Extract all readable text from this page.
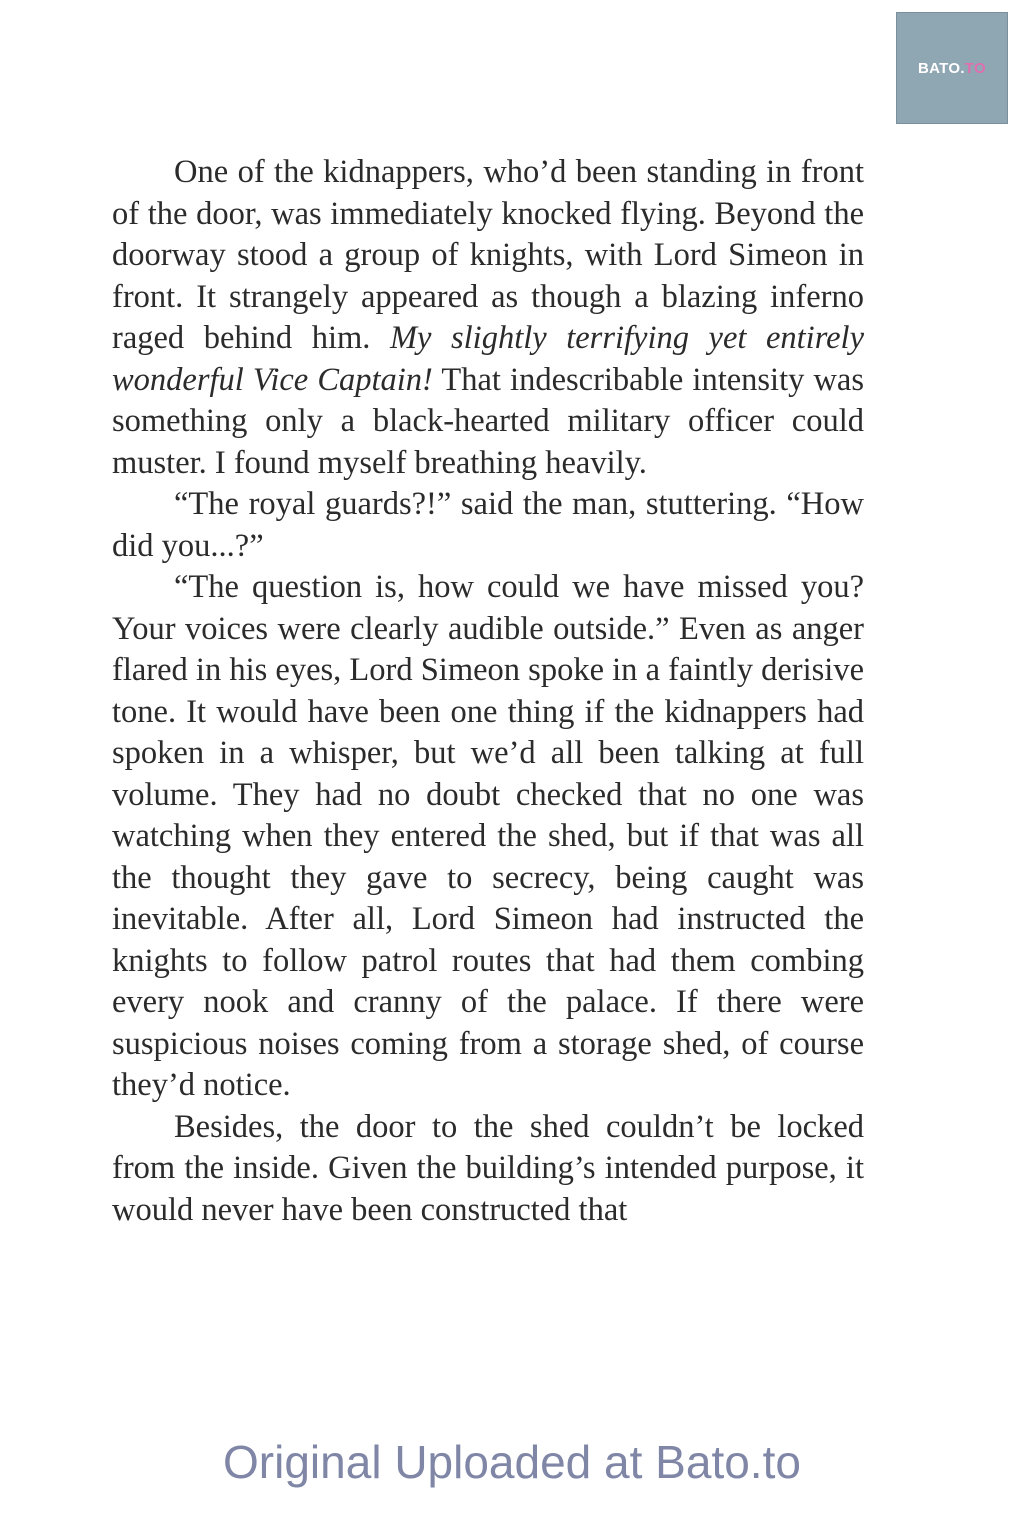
BATO.TO

One of the kidnappers, who’d been standing in front of the door, was immediately knocked flying. Beyond the doorway stood a group of knights, with Lord Simeon in front. It strangely appeared as though a blazing inferno raged behind him. My slightly terrifying yet entirely wonderful Vice Captain! That indescribable intensity was something only a black-hearted military officer could muster. I found myself breathing heavily.

“The royal guards?!” said the man, stuttering. “How did you...?”

“The question is, how could we have missed you? Your voices were clearly audible outside.” Even as anger flared in his eyes, Lord Simeon spoke in a faintly derisive tone. It would have been one thing if the kidnappers had spoken in a whisper, but we’d all been talking at full volume. They had no doubt checked that no one was watching when they entered the shed, but if that was all the thought they gave to secrecy, being caught was inevitable. After all, Lord Simeon had instructed the knights to follow patrol routes that had them combing every nook and cranny of the palace. If there were suspicious noises coming from a storage shed, of course they’d notice.

Besides, the door to the shed couldn’t be locked from the inside. Given the building’s intended purpose, it would never have been constructed that

Original Uploaded at Bato.to
